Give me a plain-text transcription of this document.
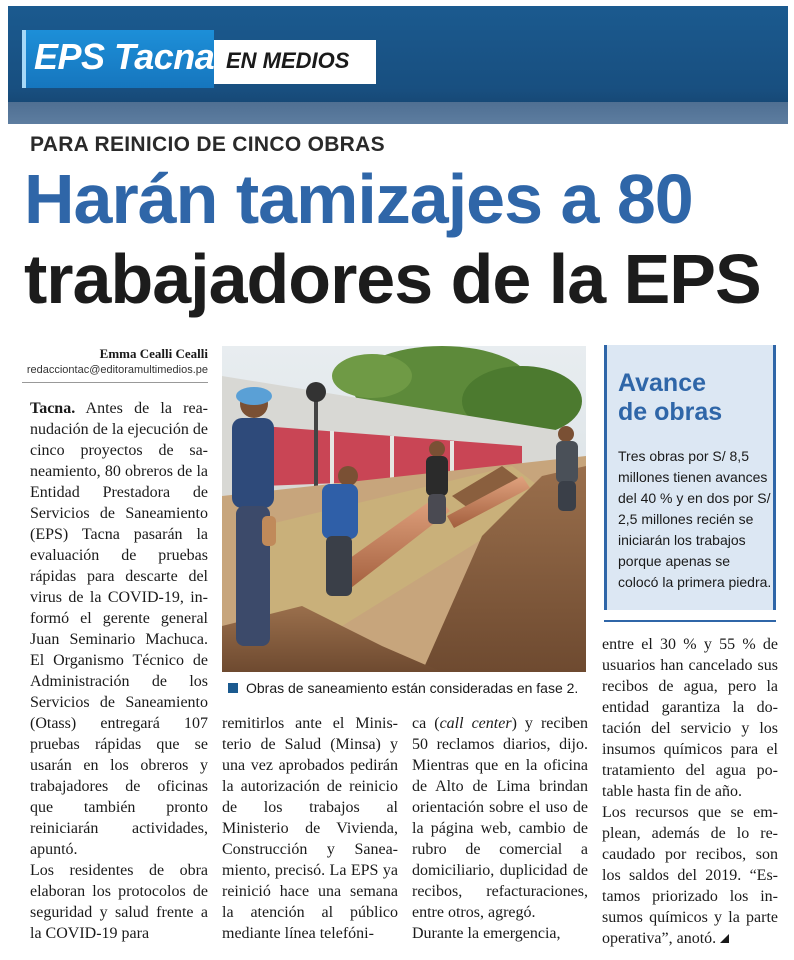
EPS Tacna EN MEDIOS
PARA REINICIO DE CINCO OBRAS
Harán tamizajes a 80
trabajadores de la EPS
Emma Cealli Cealli
redacciontac@editoramultimedios.pe

Tacna. Antes de la reanudación de la ejecución de cinco proyectos de saneamiento, 80 obreros de la Entidad Prestadora de Servicios de Saneamiento (EPS) Tacna pasarán la evaluación de pruebas rápidas para descarte del virus de la COVID-19, informó el gerente general Juan Seminario Machuca. El Organismo Técnico de Administración de los Servicios de Saneamiento (Otass) entregará 107 pruebas rápidas que se usarán en los obreros y trabajadores de oficinas que también pronto reiniciarán actividades, apuntó.

Los residentes de obra elaboran los protocolos de seguridad y salud frente a la COVID-19 para

Obras de saneamiento están consideradas en fase 2.
Avance
de obras
Tres obras por S/ 8,5 millones tienen avances del 40 % y en dos por S/ 2,5 millones recién se iniciarán los trabajos porque apenas se colocó la primera piedra.

remitirlos ante el Ministerio de Salud (Minsa) y una vez aprobados pedirán la autorización de reinicio de los trabajos al Ministerio de Vivienda, Construcción y Saneamiento, precisó. La EPS ya reinició hace una semana la atención al público mediante línea telefóni-

ca (call center) y reciben 50 reclamos diarios, dijo. Mientras que en la oficina de Alto de Lima brindan orientación sobre el uso de la página web, cambio de rubro de comercial a domiciliario, duplicidad de recibos, refacturaciones, entre otros, agregó.

Durante la emergencia,

entre el 30 % y 55 % de usuarios han cancelado sus recibos de agua, pero la entidad garantiza la dotación del servicio y los insumos químicos para el tratamiento del agua potable hasta fin de año.

Los recursos que se emplean, además de lo recaudado por recibos, son los saldos del 2019. “Estamos priorizado los insumos químicos y la parte operativa”, anotó.
